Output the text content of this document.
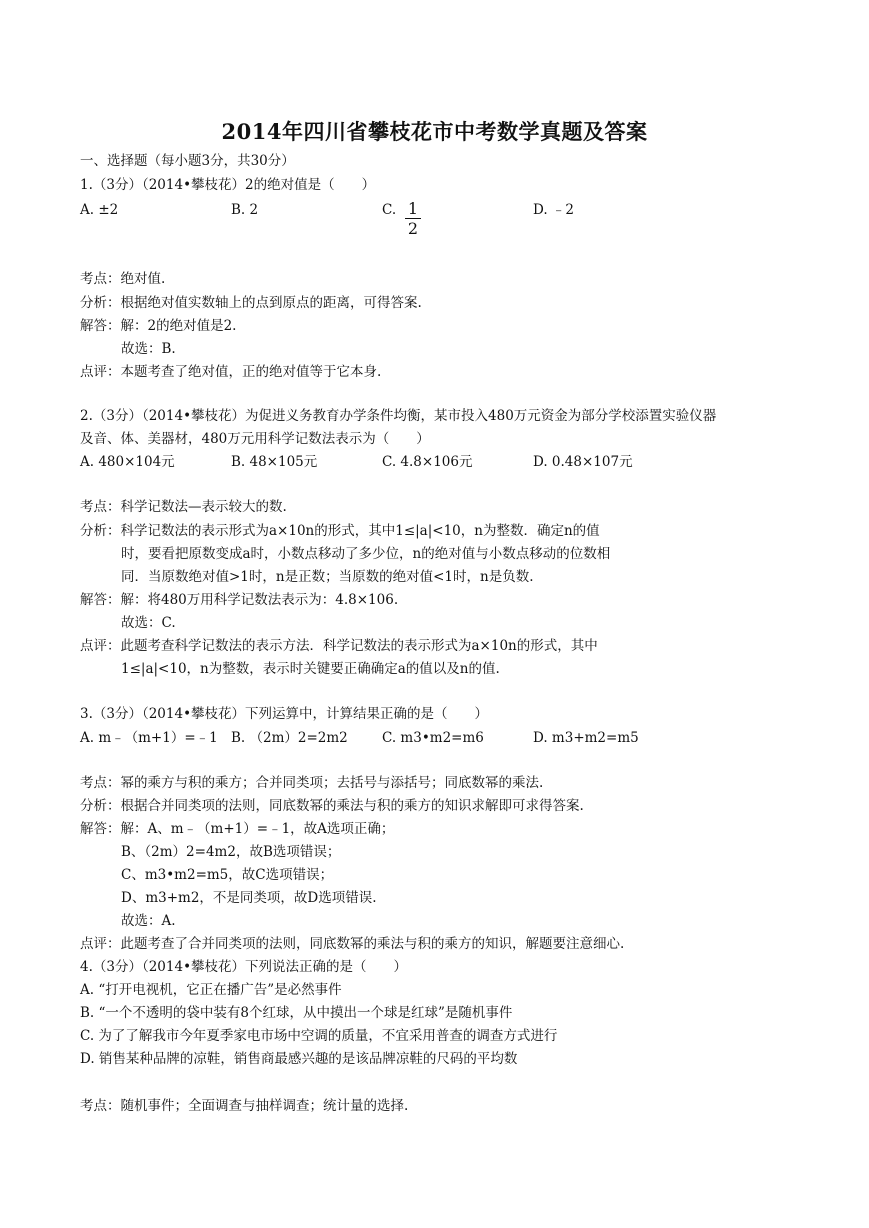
2014年四川省攀枝花市中考数学真题及答案
一、选择题（每小题3分，共30分）
1.（3分）（2014•攀枝花）2的绝对值是（　　）
A. ±2	B. 2	C. 1
2
D. ﹣2
考点：绝对值.
分析：根据绝对值实数轴上的点到原点的距离，可得答案.
解答：解：2的绝对值是2.
故选：B.
点评：本题考查了绝对值，正的绝对值等于它本身.
2.（3分）（2014•攀枝花）为促进义务教育办学条件均衡，某市投入480万元资金为部分学校添置实验仪器
及音、体、美器材，480万元用科学记数法表示为（　　）
A. 480×104元	B. 48×105元	C. 4.8×106元	D. 0.48×107元
考点：科学记数法—表示较大的数.
分析：科学记数法的表示形式为a×10n的形式，其中1≤|a|<10，n为整数．确定n的值
时，要看把原数变成a时，小数点移动了多少位，n的绝对值与小数点移动的位数相
同．当原数绝对值>1时，n是正数；当原数的绝对值<1时，n是负数.
解答：解：将480万用科学记数法表示为：4.8×106.
故选：C.
点评：此题考查科学记数法的表示方法．科学记数法的表示形式为a×10n的形式，其中
1≤|a|<10，n为整数，表示时关键要正确确定a的值以及n的值.
3.（3分）（2014•攀枝花）下列运算中，计算结果正确的是（　　）
A. m﹣（m+1）=﹣1 B. （2m）2=2m2	C. m3•m2=m6	D. m3+m2=m5
考点：幂的乘方与积的乘方；合并同类项；去括号与添括号；同底数幂的乘法.
分析：根据合并同类项的法则，同底数幂的乘法与积的乘方的知识求解即可求得答案.
解答：解：A、m﹣（m+1）=﹣1，故A选项正确；
B、（2m）2=4m2，故B选项错误；
C、m3•m2=m5，故C选项错误；
D、m3+m2，不是同类项，故D选项错误.
故选：A.
点评：此题考查了合并同类项的法则，同底数幂的乘法与积的乘方的知识，解题要注意细心.
4.（3分）（2014•攀枝花）下列说法正确的是（　　）
A. “打开电视机，它正在播广告”是必然事件
B. “一个不透明的袋中装有8个红球，从中摸出一个球是红球”是随机事件
C. 为了了解我市今年夏季家电市场中空调的质量，不宜采用普查的调查方式进行
D. 销售某种品牌的凉鞋，销售商最感兴趣的是该品牌凉鞋的尺码的平均数
考点：随机事件；全面调查与抽样调查；统计量的选择.
